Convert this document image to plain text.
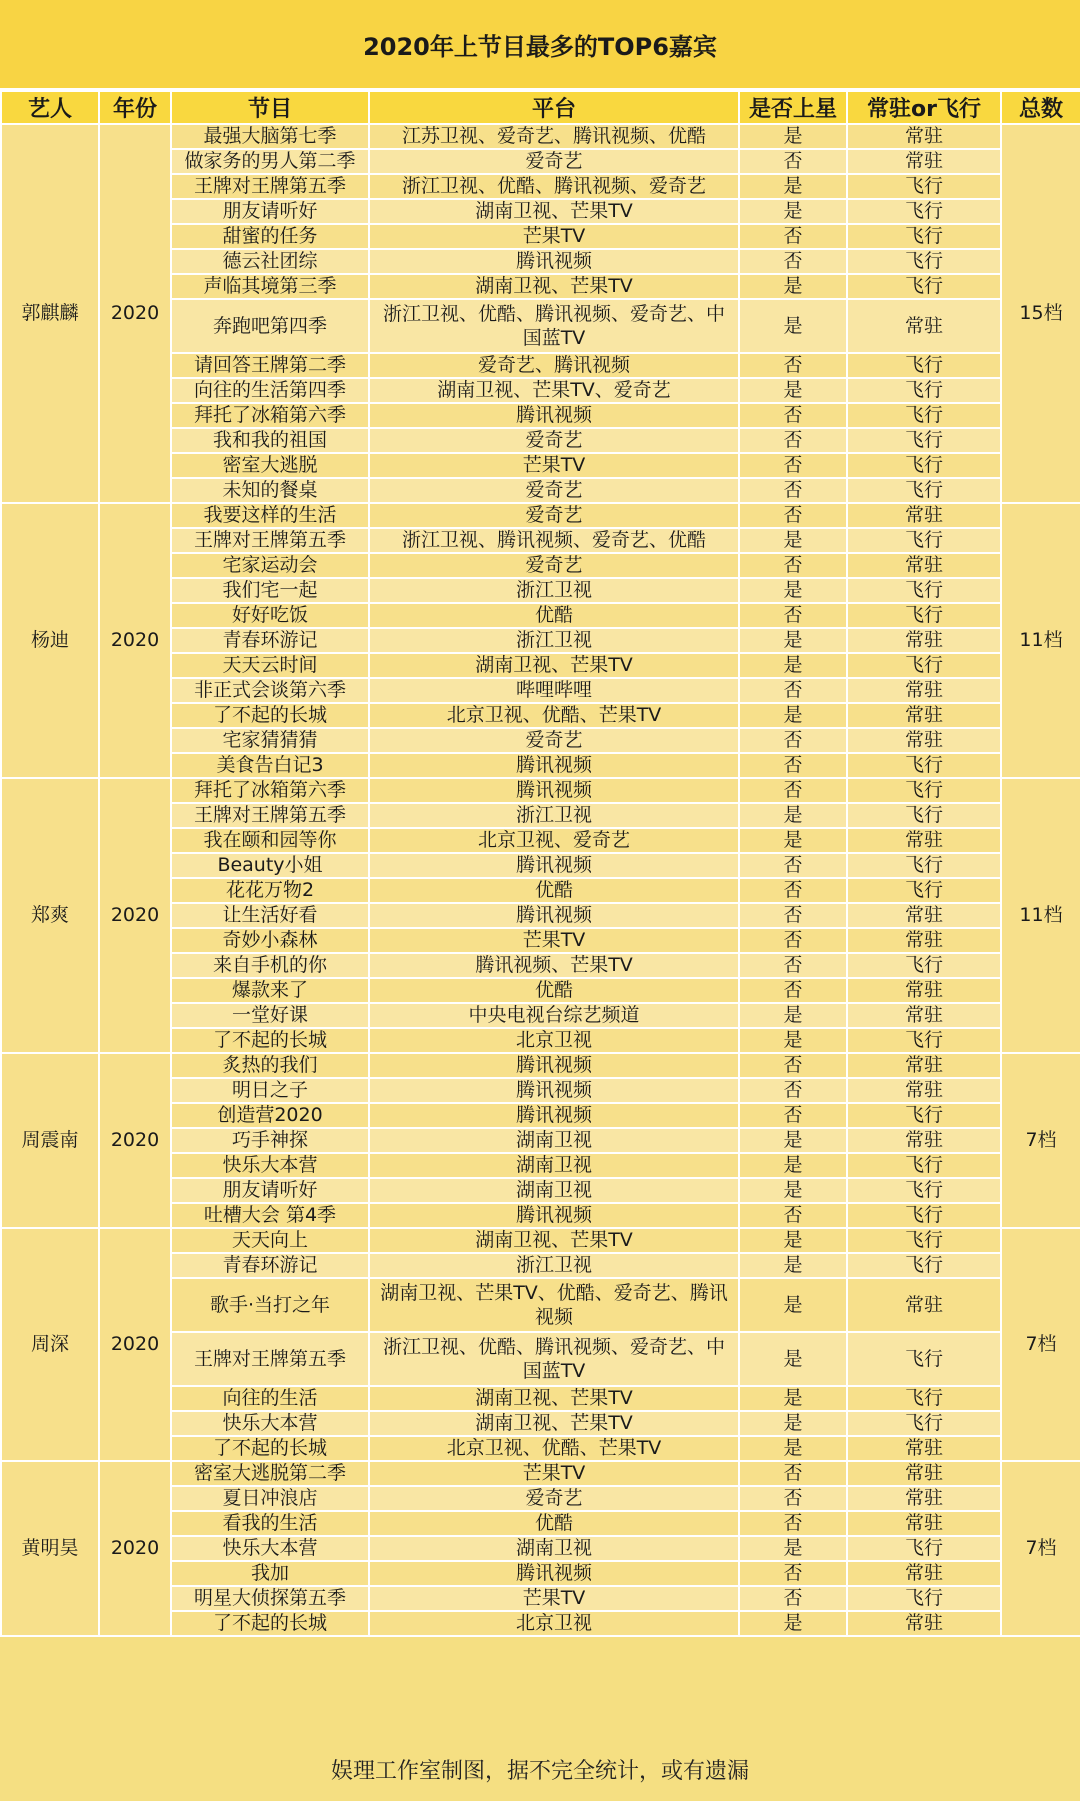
2020年上节目最多的TOP6嘉宾
艺人	年份	节目	平台	是否上星	常驻or飞行	总数
郭麒麟	2020	最强大脑第七季	江苏卫视、爱奇艺、腾讯视频、优酷	是	常驻	15档
		做家务的男人第二季	爱奇艺	否	常驻	
		王牌对王牌第五季	浙江卫视、优酷、腾讯视频、爱奇艺	是	飞行	
		朋友请听好	湖南卫视、芒果TV	是	飞行	
		甜蜜的任务	芒果TV	否	飞行	
		德云社团综	腾讯视频	否	飞行	
		声临其境第三季	湖南卫视、芒果TV	是	飞行	
		奔跑吧第四季	浙江卫视、优酷、腾讯视频、爱奇艺、中国蓝TV	是	常驻	
		请回答王牌第二季	爱奇艺、腾讯视频	否	飞行	
		向往的生活第四季	湖南卫视、芒果TV、爱奇艺	是	飞行	
		拜托了冰箱第六季	腾讯视频	否	飞行	
		我和我的祖国	爱奇艺	否	飞行	
		密室大逃脱	芒果TV	否	飞行	
		未知的餐桌	爱奇艺	否	飞行	
杨迪	2020	我要这样的生活	爱奇艺	否	常驻	11档
		王牌对王牌第五季	浙江卫视、腾讯视频、爱奇艺、优酷	是	飞行	
		宅家运动会	爱奇艺	否	常驻	
		我们宅一起	浙江卫视	是	飞行	
		好好吃饭	优酷	否	飞行	
		青春环游记	浙江卫视	是	常驻	
		天天云时间	湖南卫视、芒果TV	是	飞行	
		非正式会谈第六季	哔哩哔哩	否	常驻	
		了不起的长城	北京卫视、优酷、芒果TV	是	常驻	
		宅家猜猜猜	爱奇艺	否	常驻	
		美食告白记3	腾讯视频	否	飞行	
郑爽	2020	拜托了冰箱第六季	腾讯视频	否	飞行	11档
		王牌对王牌第五季	浙江卫视	是	飞行	
		我在颐和园等你	北京卫视、爱奇艺	是	常驻	
		Beauty小姐	腾讯视频	否	飞行	
		花花万物2	优酷	否	飞行	
		让生活好看	腾讯视频	否	常驻	
		奇妙小森林	芒果TV	否	常驻	
		来自手机的你	腾讯视频、芒果TV	否	飞行	
		爆款来了	优酷	否	常驻	
		一堂好课	中央电视台综艺频道	是	常驻	
		了不起的长城	北京卫视	是	飞行	
周震南	2020	炙热的我们	腾讯视频	否	常驻	7档
		明日之子	腾讯视频	否	常驻	
		创造营2020	腾讯视频	否	飞行	
		巧手神探	湖南卫视	是	常驻	
		快乐大本营	湖南卫视	是	飞行	
		朋友请听好	湖南卫视	是	飞行	
		吐槽大会 第4季	腾讯视频	否	飞行	
周深	2020	天天向上	湖南卫视、芒果TV	是	飞行	7档
		青春环游记	浙江卫视	是	飞行	
		歌手·当打之年	湖南卫视、芒果TV、优酷、爱奇艺、腾讯视频	是	常驻	
		王牌对王牌第五季	浙江卫视、优酷、腾讯视频、爱奇艺、中国蓝TV	是	飞行	
		向往的生活	湖南卫视、芒果TV	是	飞行	
		快乐大本营	湖南卫视、芒果TV	是	飞行	
		了不起的长城	北京卫视、优酷、芒果TV	是	常驻	
黄明昊	2020	密室大逃脱第二季	芒果TV	否	常驻	7档
		夏日冲浪店	爱奇艺	否	常驻	
		看我的生活	优酷	否	常驻	
		快乐大本营	湖南卫视	是	飞行	
		我加	腾讯视频	否	常驻	
		明星大侦探第五季	芒果TV	否	飞行	
		了不起的长城	北京卫视	是	常驻	
娱理工作室制图，据不完全统计，或有遗漏
